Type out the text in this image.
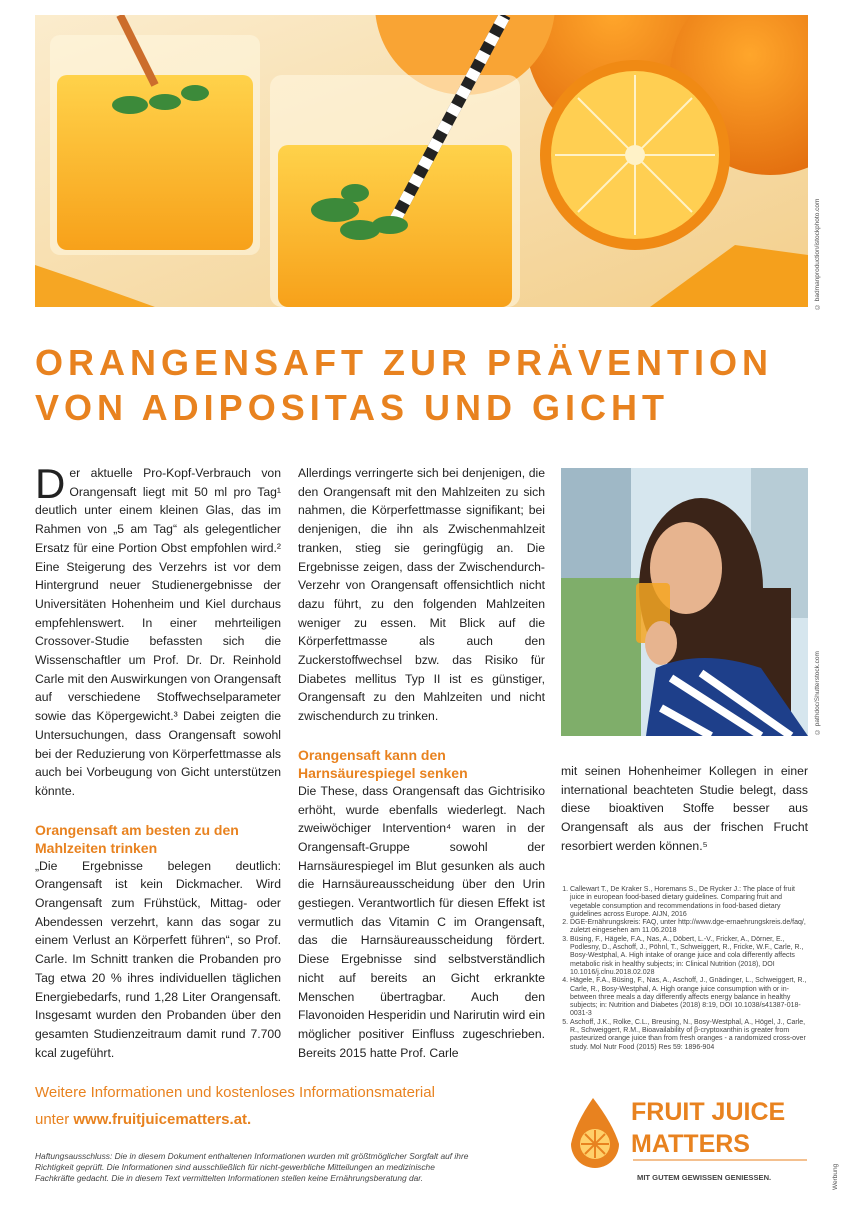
© badmanproduction/istockphoto.com
ORANGENSAFT ZUR PRÄVENTION
VON ADIPOSITAS UND GICHT

Der aktuelle Pro-Kopf-Verbrauch von Orangensaft liegt mit 50 ml pro Tag¹ deutlich unter einem kleinen Glas, das im Rahmen von „5 am Tag“ als gelegentlicher Ersatz für eine Portion Obst empfohlen wird.² Eine Steigerung des Verzehrs ist vor dem Hintergrund neuer Studienergebnisse der Universitäten Hohenheim und Kiel durchaus empfehlenswert. In einer mehrteiligen Crossover-Studie befassten sich die Wissenschaftler um Prof. Dr. Dr. Reinhold Carle mit den Auswirkungen von Orangensaft auf verschiedene Stoffwechselparameter sowie das Köpergewicht.³ Dabei zeigten die Untersuchungen, dass Orangensaft sowohl bei der Reduzierung von Körperfettmasse als auch bei Vorbeugung von Gicht unterstützen könnte.

Orangensaft am besten zu den Mahlzeiten trinken

„Die Ergebnisse belegen deutlich: Orangensaft ist kein Dickmacher. Wird Orangensaft zum Frühstück, Mittag- oder Abendessen verzehrt, kann das sogar zu einem Verlust an Körperfett führen“, so Prof. Carle. Im Schnitt tranken die Probanden pro Tag etwa 20 % ihres individuellen täglichen Energiebedarfs, rund 1,28 Liter Orangensaft. Insgesamt wurden den Probanden über den gesamten Studienzeitraum damit rund 7.700 kcal zugeführt.

Allerdings verringerte sich bei denjenigen, die den Orangensaft mit den Mahlzeiten zu sich nahmen, die Körperfettmasse signifikant; bei denjenigen, die ihn als Zwischenmahlzeit tranken, stieg sie geringfügig an. Die Ergebnisse zeigen, dass der Zwischendurch-Verzehr von Orangensaft offensichtlich nicht dazu führt, zu den folgenden Mahlzeiten weniger zu essen. Mit Blick auf die Körperfettmasse als auch den Zuckerstoffwechsel bzw. das Risiko für Diabetes mellitus Typ II ist es günstiger, Orangensaft zu den Mahlzeiten und nicht zwischendurch zu trinken.

Orangensaft kann den Harnsäurespiegel senken

Die These, dass Orangensaft das Gichtrisiko erhöht, wurde ebenfalls wiederlegt. Nach zweiwöchiger Intervention⁴ waren in der Orangensaft-Gruppe sowohl der Harnsäurespiegel im Blut gesunken als auch die Harnsäureausscheidung über den Urin gestiegen. Verantwortlich für diesen Effekt ist vermutlich das Vitamin C im Orangensaft, das die Harnsäureausscheidung fördert. Diese Ergebnisse sind selbstverständlich nicht auf bereits an Gicht erkrankte Menschen übertragbar. Auch den Flavonoiden Hesperidin und Narirutin wird ein möglicher positiver Einfluss zugeschrieben. Bereits 2015 hatte Prof. Carle

© pathdoc/Shutterstock.com

mit seinen Hohenheimer Kollegen in einer international beachteten Studie belegt, dass diese bioaktiven Stoffe besser aus Orangensaft als aus der frischen Frucht resorbiert werden können.⁵

1. Callewart T., De Kraker S., Horemans S., De Rycker J.: The place of fruit juice in european food-based dietary guidelines. Comparing fruit and vegetable consumption and recommendations in food-based dietary guidelines across Europe. AIJN, 2016
2. DGE-Ernährungskreis: FAQ, unter http://www.dge-ernaehrungskreis.de/faq/, zuletzt eingesehen am 11.06.2018
3. Büsing, F., Hägele, F.A., Nas, A., Döbert, L.-V., Fricker, A., Dörner, E., Podlesny, D., Aschoff, J., Pöhnl, T., Schweiggert, R., Fricke, W.F., Carle, R., Bosy-Westphal, A. High intake of orange juice and cola differently affects metabolic risk in healthy subjects; in: Clinical Nutrition (2018), DOI 10.1016/j.clnu.2018.02.028
4. Hägele, F.A., Büsing, F., Nas, A., Aschoff, J., Gnädinger, L., Schweiggert, R., Carle, R., Bosy-Westphal, A. High orange juice consumption with or in-between three meals a day differently affects energy balance in healthy subjects; in: Nutrition and Diabetes (2018) 8:19, DOI 10.1038/s41387-018-0031-3
5. Aschoff, J.K., Rolke, C.L., Breusing, N., Bosy-Westphal, A., Högel, J., Carle, R., Schweiggert, R.M., Bioavailability of β-cryptoxanthin is greater from pasteurized orange juice than from fresh oranges - a randomized cross-over study. Mol Nutr Food (2015) Res 59: 1896-904
Weitere Informationen und kostenloses Informationsmaterial
unter www.fruitjuicematters.at.
Haftungsausschluss: Die in diesem Dokument enthaltenen Informationen wurden mit größtmöglicher Sorgfalt auf ihre Richtigkeit geprüft. Die Informationen sind ausschließlich für nicht-gewerbliche Mitteilungen an medizinische Fachkräfte gedacht. Die in diesem Text vermittelten Informationen stellen keine Ernährungsberatung dar.
FRUIT JUICE
MATTERS
MIT GUTEM GEWISSEN GENIESSEN.	Werbung
